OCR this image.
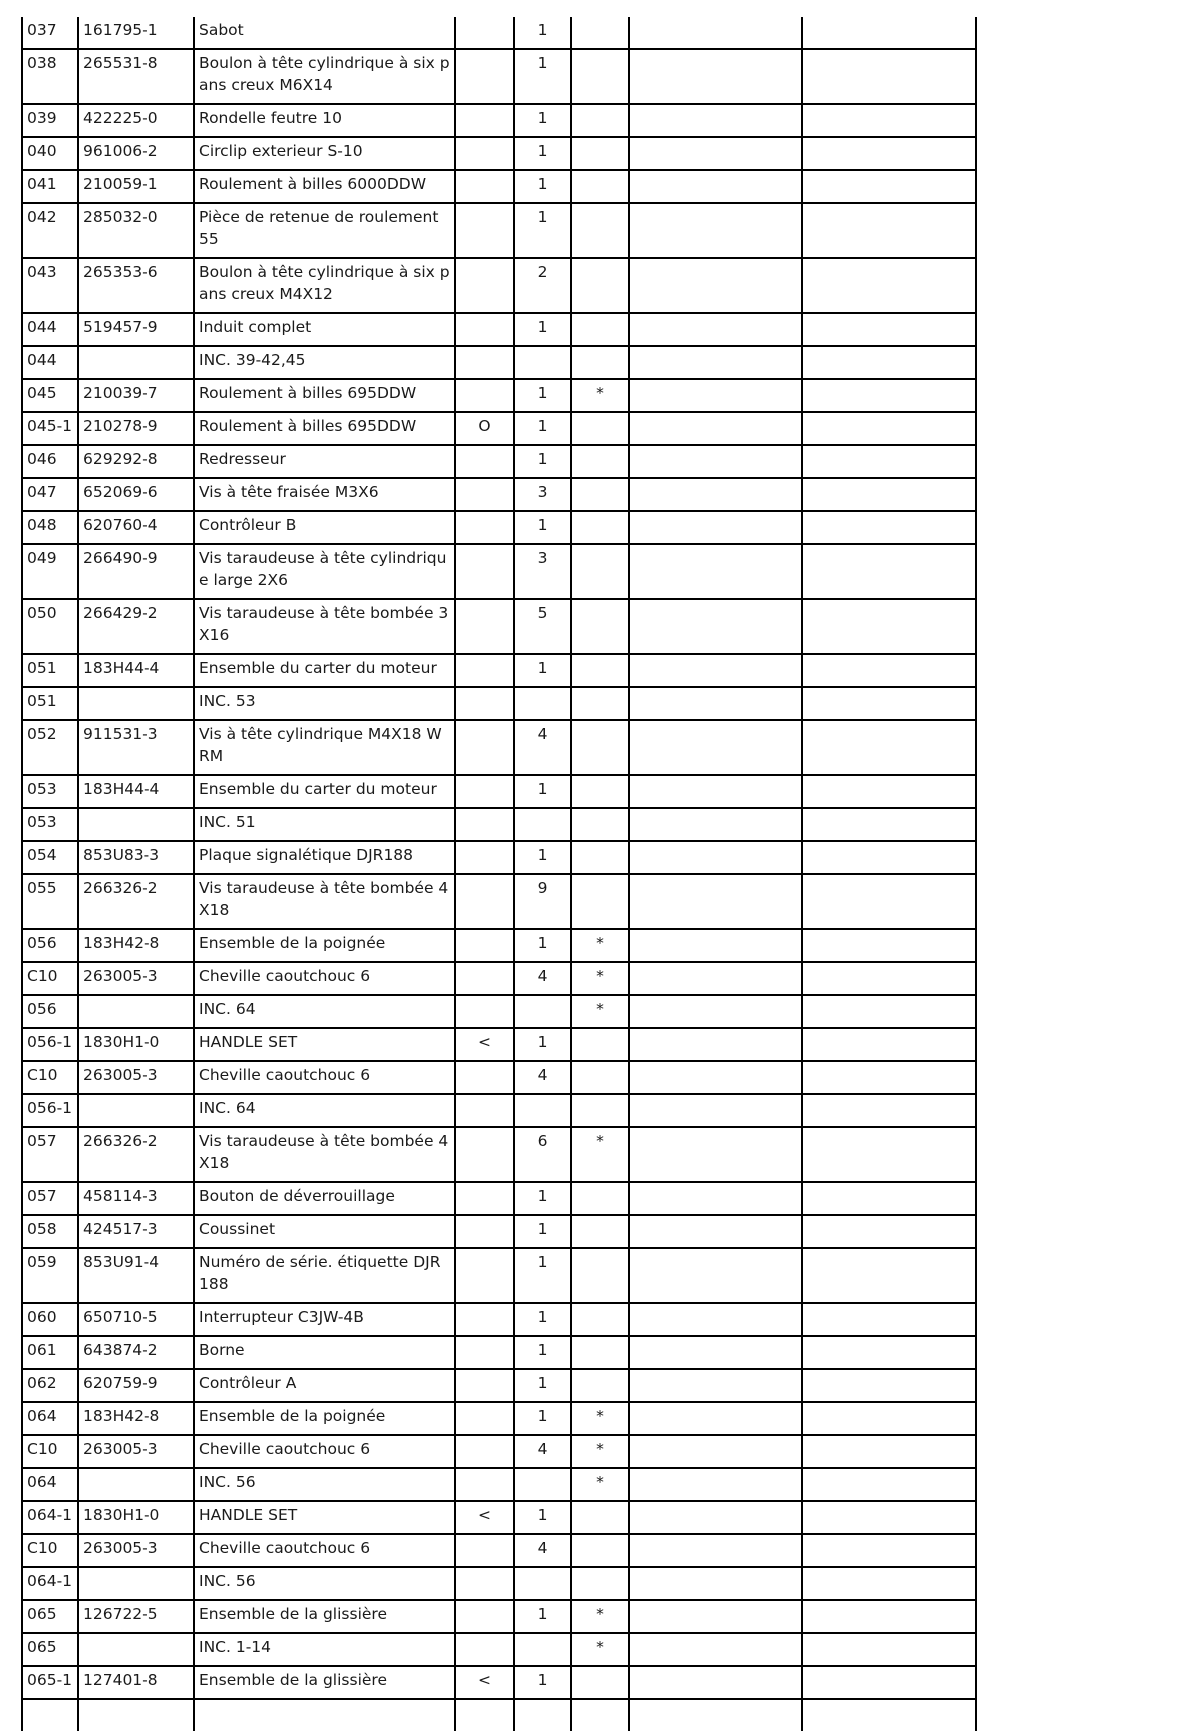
037	161795-1	Sabot		1			
038	265531-8	Boulon à tête cylindrique à six pans creux M6X14		1			
039	422225-0	Rondelle feutre 10		1			
040	961006-2	Circlip exterieur S-10		1			
041	210059-1	Roulement à billes 6000DDW		1			
042	285032-0	Pièce de retenue de roulement 55		1			
043	265353-6	Boulon à tête cylindrique à six pans creux M4X12		2			
044	519457-9	Induit complet		1			
044		INC. 39-42,45					
045	210039-7	Roulement à billes 695DDW		1	*		
045-1	210278-9	Roulement à billes 695DDW	O	1			
046	629292-8	Redresseur		1			
047	652069-6	Vis à tête fraisée M3X6		3			
048	620760-4	Contrôleur B		1			
049	266490-9	Vis taraudeuse à tête cylindrique large 2X6		3			
050	266429-2	Vis taraudeuse à tête bombée 3X16		5			
051	183H44-4	Ensemble du carter du moteur		1			
051		INC. 53					
052	911531-3	Vis à tête cylindrique M4X18 WRM		4			
053	183H44-4	Ensemble du carter du moteur		1			
053		INC. 51					
054	853U83-3	Plaque signalétique DJR188		1			
055	266326-2	Vis taraudeuse à tête bombée 4X18		9			
056	183H42-8	Ensemble de la poignée		1	*		
C10	263005-3	Cheville caoutchouc 6		4	*		
056		INC. 64			*		
056-1	1830H1-0	HANDLE SET	<	1			
C10	263005-3	Cheville caoutchouc 6		4			
056-1		INC. 64					
057	266326-2	Vis taraudeuse à tête bombée 4X18		6	*		
057	458114-3	Bouton de déverrouillage		1			
058	424517-3	Coussinet		1			
059	853U91-4	Numéro de série. étiquette DJR188		1			
060	650710-5	Interrupteur C3JW-4B		1			
061	643874-2	Borne		1			
062	620759-9	Contrôleur A		1			
064	183H42-8	Ensemble de la poignée		1	*		
C10	263005-3	Cheville caoutchouc 6		4	*		
064		INC. 56			*		
064-1	1830H1-0	HANDLE SET	<	1			
C10	263005-3	Cheville caoutchouc 6		4			
064-1		INC. 56					
065	126722-5	Ensemble de la glissière		1	*		
065		INC. 1-14			*		
065-1	127401-8	Ensemble de la glissière	<	1			
